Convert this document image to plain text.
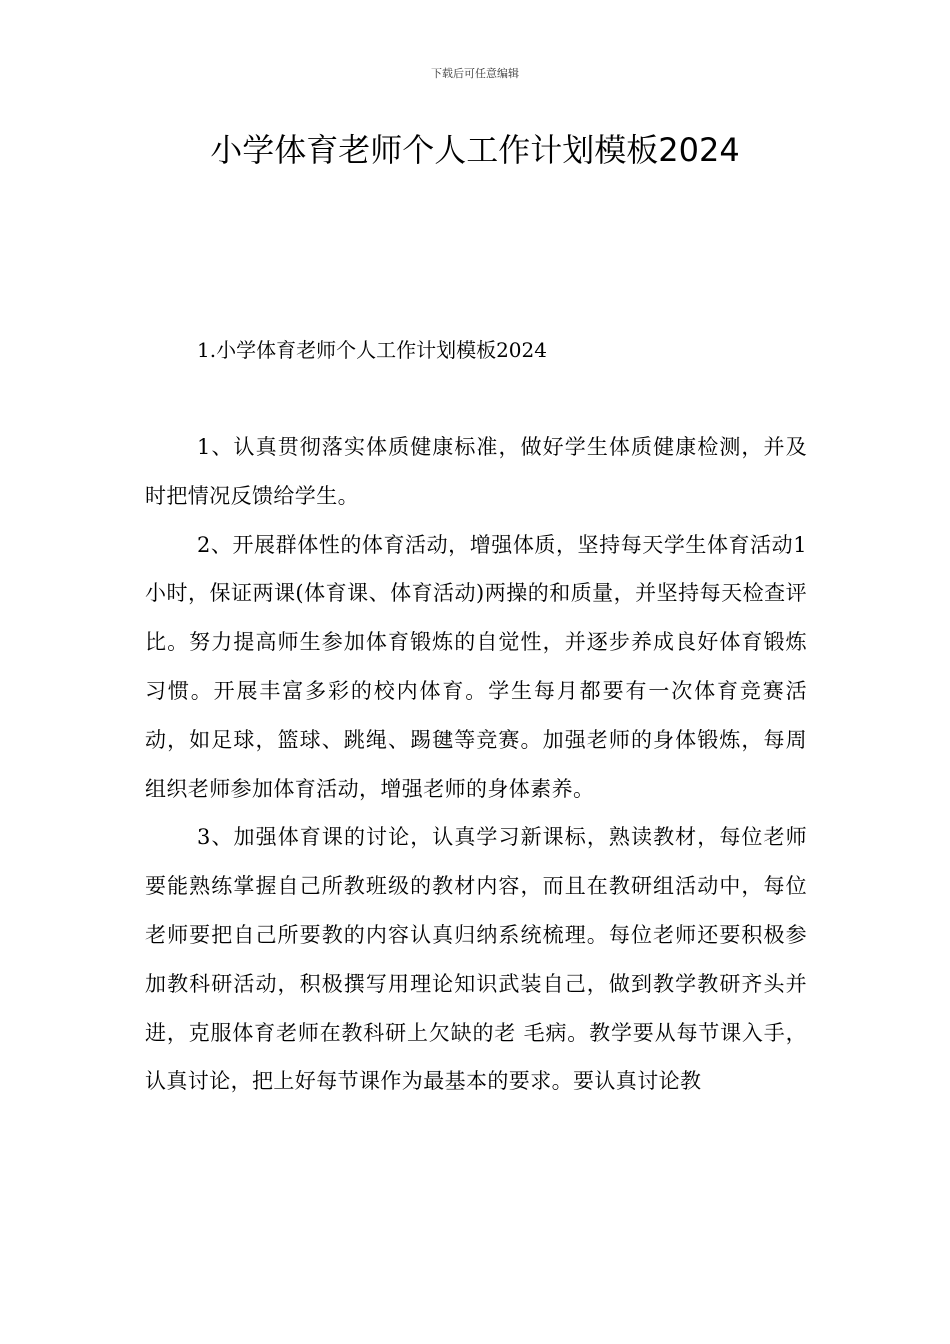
下载后可任意编辑
小学体育老师个人工作计划模板2024
1.小学体育老师个人工作计划模板2024

1、认真贯彻落实体质健康标准，做好学生体质健康检测，并及时把情况反馈给学生。

2、开展群体性的体育活动，增强体质，坚持每天学生体育活动1小时，保证两课(体育课、体育活动)两操的和质量，并坚持每天检查评比。努力提高师生参加体育锻炼的自觉性，并逐步养成良好体育锻炼习惯。开展丰富多彩的校内体育。学生每月都要有一次体育竞赛活动，如足球，篮球、跳绳、踢毽等竞赛。加强老师的身体锻炼，每周组织老师参加体育活动，增强老师的身体素养。

3、加强体育课的讨论，认真学习新课标，熟读教材，每位老师要能熟练掌握自己所教班级的教材内容，而且在教研组活动中，每位老师要把自己所要教的内容认真归纳系统梳理。每位老师还要积极参加教科研活动，积极撰写用理论知识武装自己，做到教学教研齐头并进，克服体育老师在教科研上欠缺的老 毛病。教学要从每节课入手，认真讨论，把上好每节课作为最基本的要求。要认真讨论教
